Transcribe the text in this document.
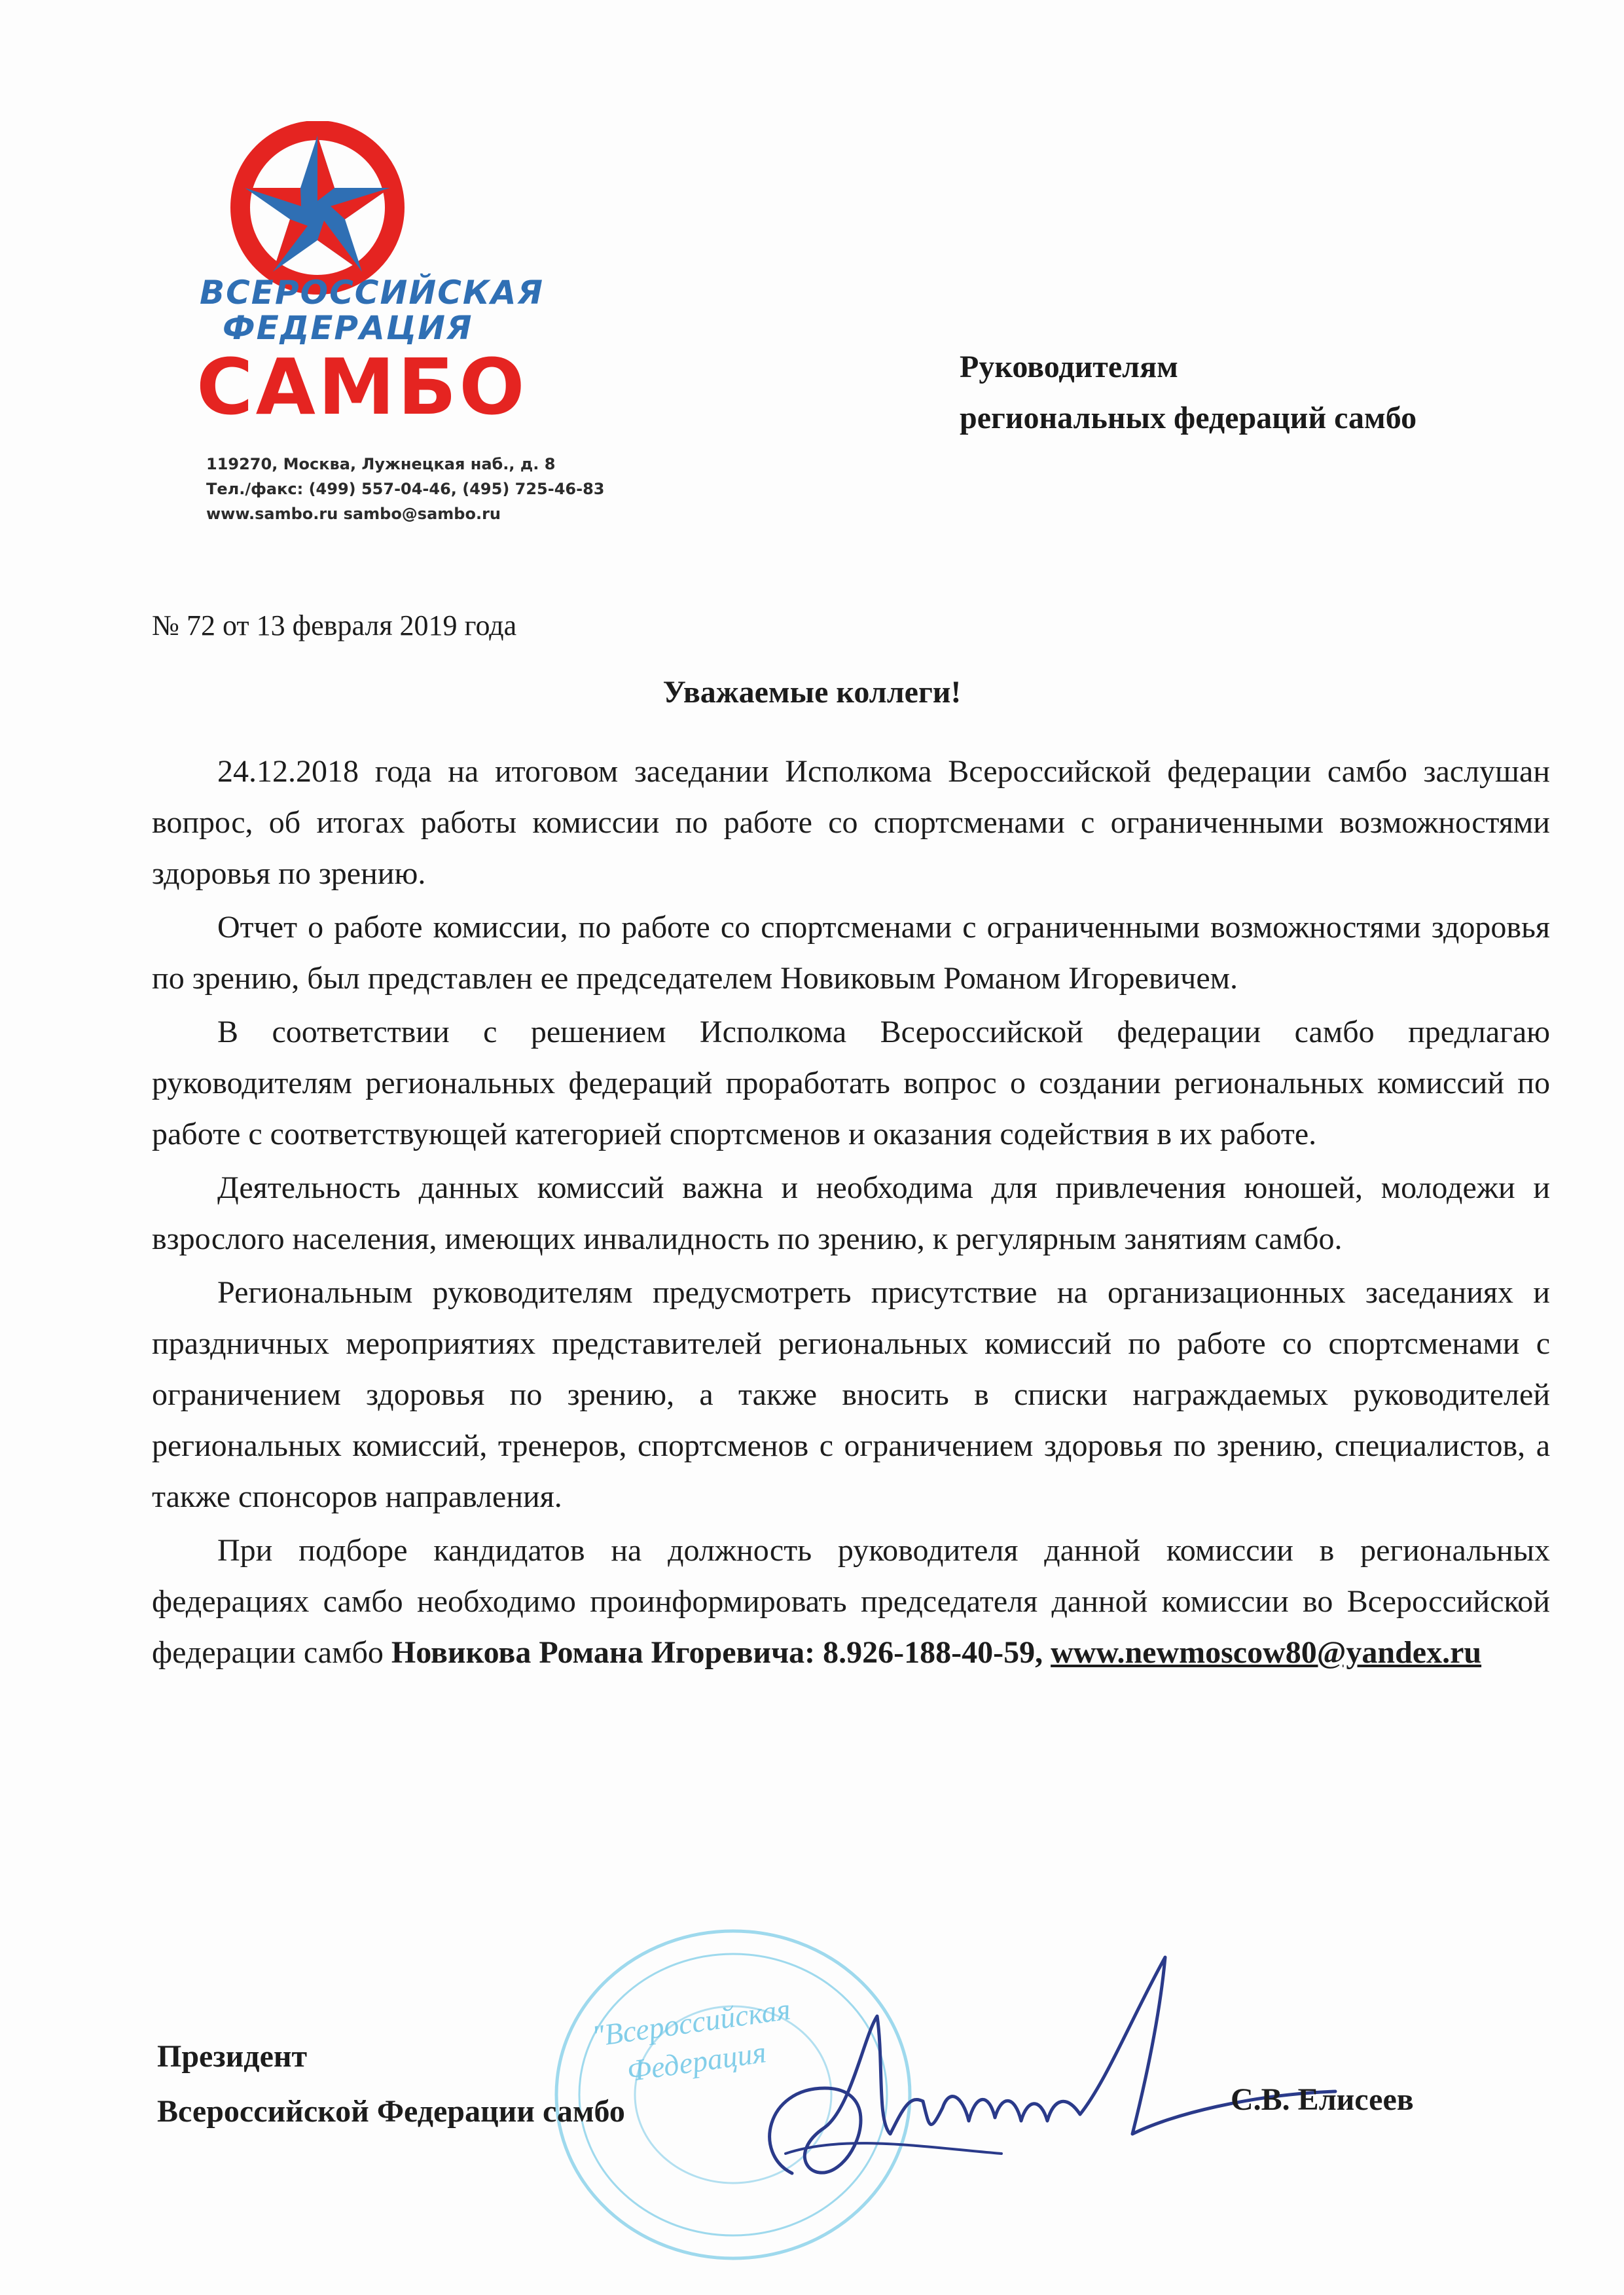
ВСЕРОССИЙСКАЯ
ФЕДЕРАЦИЯ
САМБО
119270, Москва, Лужнецкая наб., д. 8
Тел./факс: (499) 557-04-46, (495) 725-46-83
www.sambo.ru sambo@sambo.ru
Руководителям
региональных федераций самбо
№ 72 от 13 февраля 2019 года
Уважаемые коллеги!

24.12.2018 года на итоговом заседании Исполкома Всероссийской федерации самбо заслушан вопрос, об итогах работы комиссии по работе со спортсменами с ограниченными возможностями здоровья по зрению.

Отчет о работе комиссии, по работе со спортсменами с ограниченными возможностями здоровья по зрению, был представлен ее председателем Новиковым Романом Игоревичем.

В соответствии с решением Исполкома Всероссийской федерации самбо предлагаю руководителям региональных федераций проработать вопрос о создании региональных комиссий по работе с соответствующей категорией спортсменов и оказания содействия в их работе.

Деятельность данных комиссий важна и необходима для привлечения юношей, молодежи и взрослого населения, имеющих инвалидность по зрению, к регулярным занятиям самбо.

Региональным руководителям предусмотреть присутствие на организационных заседаниях и праздничных мероприятиях представителей региональных комиссий по работе со спортсменами с ограничением здоровья по зрению, а также вносить в списки награждаемых руководителей региональных комиссий, тренеров, спортсменов с ограничением здоровья по зрению, специалистов, а также спонсоров направления.

При подборе кандидатов на должность руководителя данной комиссии в региональных федерациях самбо необходимо проинформировать председателя данной комиссии во Всероссийской федерации самбо Новикова Романа Игоревича: 8.926-188-40-59, www.newmoscow80@yandex.ru

"Всероссийская Федерация
Президент
Всероссийской Федерации самбо	С.В. Елисеев
